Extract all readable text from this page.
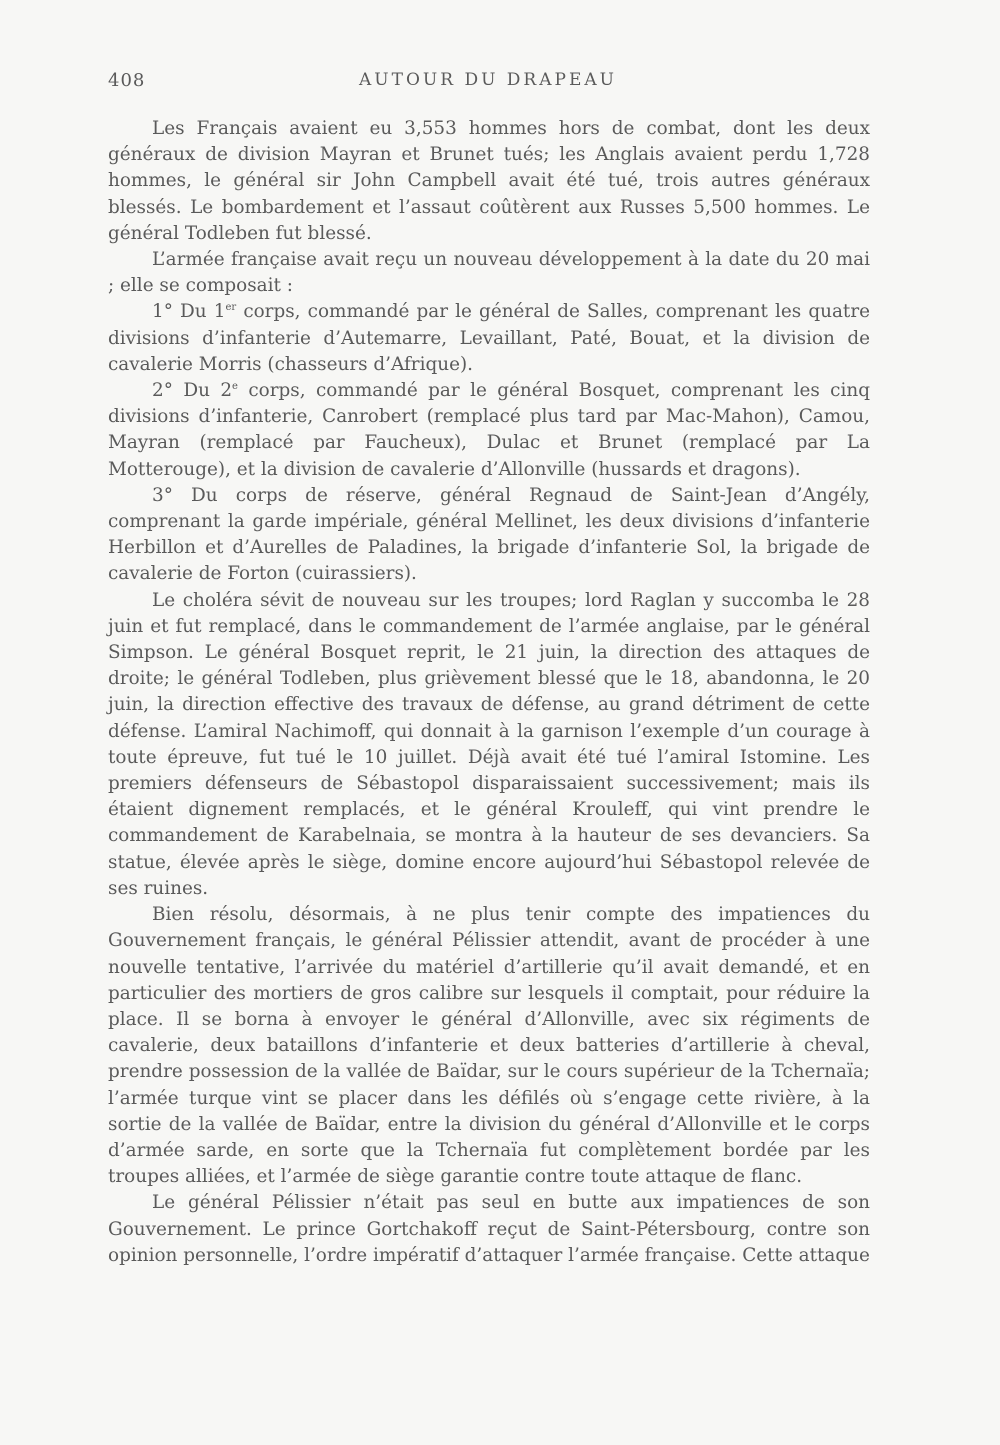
408	AUTOUR DU DRAPEAU

Les Français avaient eu 3,553 hommes hors de combat, dont les deux généraux de division Mayran et Brunet tués; les Anglais avaient perdu 1,728 hommes, le général sir John Campbell avait été tué, trois autres généraux blessés. Le bombardement et l’assaut coûtèrent aux Russes 5,500 hommes. Le général Todleben fut blessé.

L’armée française avait reçu un nouveau développement à la date du 20 mai ; elle se composait :

1° Du 1er corps, commandé par le général de Salles, comprenant les quatre divisions d’infanterie d’Autemarre, Levaillant, Paté, Bouat, et la division de cavalerie Morris (chasseurs d’Afrique).

2° Du 2e corps, commandé par le général Bosquet, comprenant les cinq divisions d’infanterie, Canrobert (remplacé plus tard par Mac-Mahon), Camou, Mayran (remplacé par Faucheux), Dulac et Brunet (remplacé par La Motterouge), et la division de cavalerie d’Allonville (hussards et dragons).

3° Du corps de réserve, général Regnaud de Saint-Jean d’Angély, comprenant la garde impériale, général Mellinet, les deux divisions d’infanterie Herbillon et d’Aurelles de Paladines, la brigade d’infanterie Sol, la brigade de cavalerie de Forton (cuirassiers).

Le choléra sévit de nouveau sur les troupes; lord Raglan y succomba le 28 juin et fut remplacé, dans le commandement de l’armée anglaise, par le général Simpson. Le général Bosquet reprit, le 21 juin, la direction des attaques de droite; le général Todleben, plus grièvement blessé que le 18, abandonna, le 20 juin, la direction effective des travaux de défense, au grand détriment de cette défense. L’amiral Nachimoff, qui donnait à la garnison l’exemple d’un courage à toute épreuve, fut tué le 10 juillet. Déjà avait été tué l’amiral Istomine. Les premiers défenseurs de Sébastopol disparaissaient successivement; mais ils étaient dignement remplacés, et le général Krouleff, qui vint prendre le commandement de Karabelnaia, se montra à la hauteur de ses devanciers. Sa statue, élevée après le siège, domine encore aujourd’hui Sébastopol relevée de ses ruines.

Bien résolu, désormais, à ne plus tenir compte des impatiences du Gouvernement français, le général Pélissier attendit, avant de procéder à une nouvelle tentative, l’arrivée du matériel d’artillerie qu’il avait demandé, et en particulier des mortiers de gros calibre sur lesquels il comptait, pour réduire la place. Il se borna à envoyer le général d’Allonville, avec six régiments de cavalerie, deux bataillons d’infanterie et deux batteries d’artillerie à cheval, prendre possession de la vallée de Baïdar, sur le cours supérieur de la Tchernaïa; l’armée turque vint se placer dans les défilés où s’engage cette rivière, à la sortie de la vallée de Baïdar, entre la division du général d’Allonville et le corps d’armée sarde, en sorte que la Tchernaïa fut complètement bordée par les troupes alliées, et l’armée de siège garantie contre toute attaque de flanc.

Le général Pélissier n’était pas seul en butte aux impatiences de son Gouvernement. Le prince Gortchakoff reçut de Saint-Pétersbourg, contre son opinion personnelle, l’ordre impératif d’attaquer l’armée française. Cette attaque
